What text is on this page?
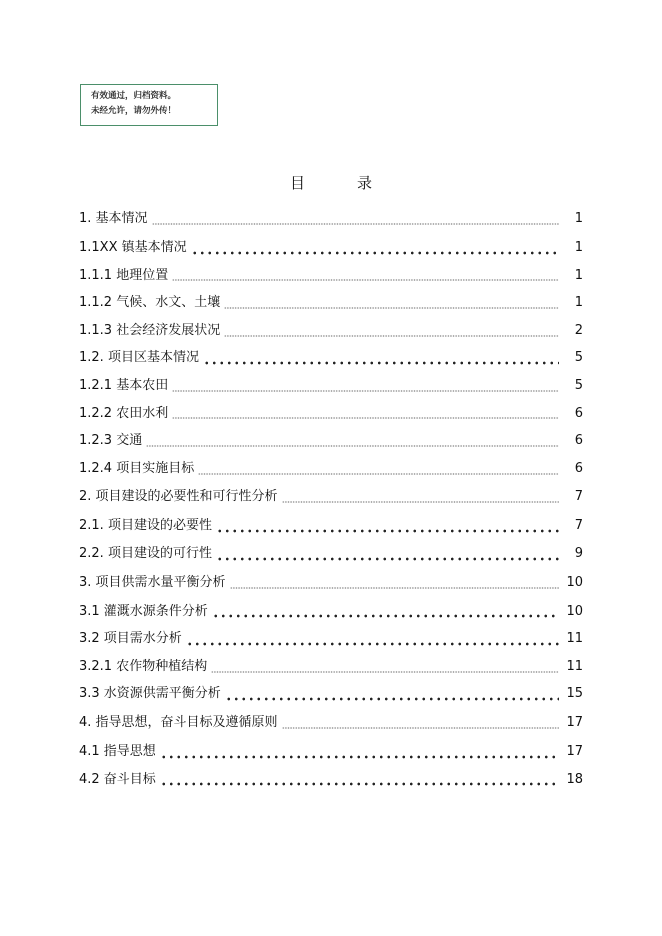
有效通过，归档资料。
未经允许，请勿外传！
目	录
1. 基本情况	1
1.1XX 镇基本情况	1
1.1.1 地理位置	1
1.1.2 气候、水文、土壤	1
1.1.3 社会经济发展状况	2
1.2. 项目区基本情况	5
1.2.1 基本农田	5
1.2.2 农田水利	6
1.2.3 交通	6
1.2.4 项目实施目标	6
2. 项目建设的必要性和可行性分析	7
2.1. 项目建设的必要性	7
2.2. 项目建设的可行性	9
3. 项目供需水量平衡分析	10
3.1 灌溉水源条件分析	10
3.2 项目需水分析	11
3.2.1 农作物种植结构	11
3.3 水资源供需平衡分析	15
4. 指导思想，奋斗目标及遵循原则	17
4.1 指导思想	17
4.2 奋斗目标	18
